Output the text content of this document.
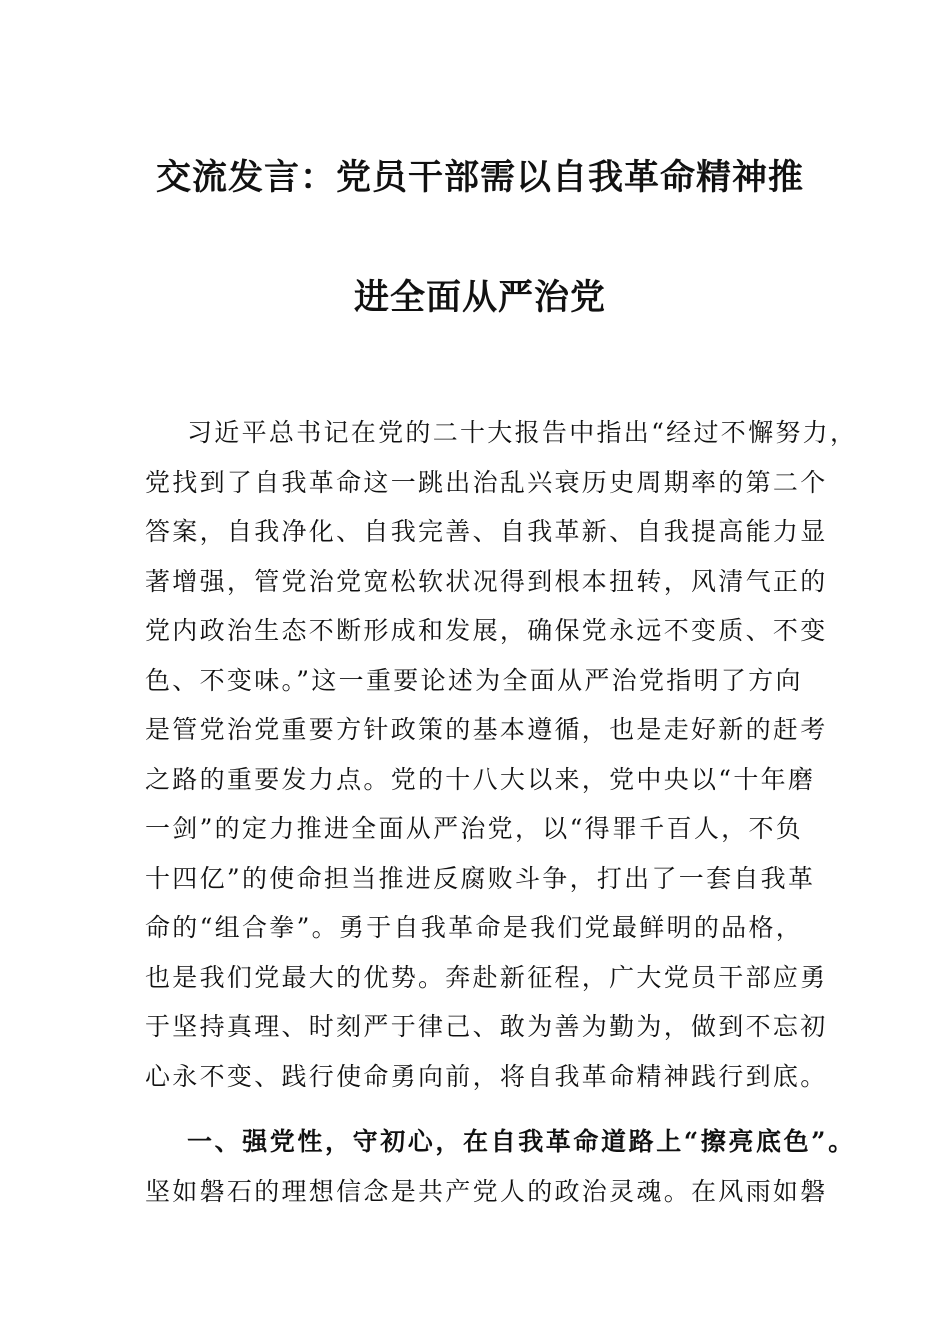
交流发言：党员干部需以自我革命精神推
进全面从严治党
习近平总书记在党的二十大报告中指出“经过不懈努力，
党找到了自我革命这一跳出治乱兴衰历史周期率的第二个
答案，自我净化、自我完善、自我革新、自我提高能力显
著增强，管党治党宽松软状况得到根本扭转，风清气正的
党内政治生态不断形成和发展，确保党永远不变质、不变
色、不变味。”这一重要论述为全面从严治党指明了方向
是管党治党重要方针政策的基本遵循，也是走好新的赶考
之路的重要发力点。党的十八大以来，党中央以“十年磨
一剑”的定力推进全面从严治党，以“得罪千百人，不负
十四亿”的使命担当推进反腐败斗争，打出了一套自我革
命的“组合拳”。勇于自我革命是我们党最鲜明的品格，
也是我们党最大的优势。奔赴新征程，广大党员干部应勇
于坚持真理、时刻严于律己、敢为善为勤为，做到不忘初
心永不变、践行使命勇向前，将自我革命精神践行到底。
一、强党性，守初心，在自我革命道路上“擦亮底色”。
坚如磐石的理想信念是共产党人的政治灵魂。在风雨如磐
